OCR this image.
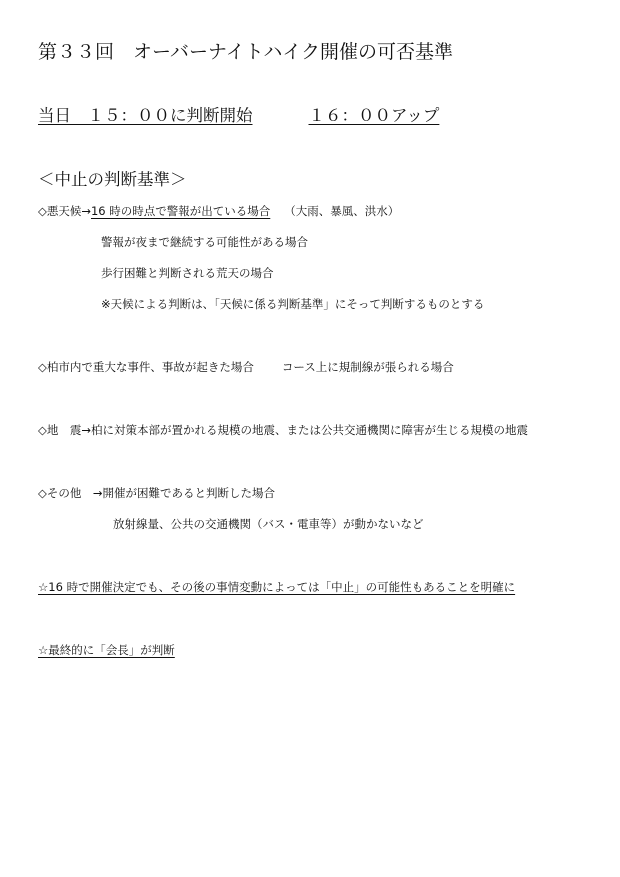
第３３回　オーバーナイトハイク開催の可否基準
当日　１５：００に判断開始	１６：００アップ
＜中止の判断基準＞
◇悪天候→16 時の時点で警報が出ている場合 （大雨、暴風、洪水）
警報が夜まで継続する可能性がある場合
歩行困難と判断される荒天の場合
※天候による判断は、「天候に係る判断基準」にそって判断するものとする
◇柏市内で重大な事件、事故が起きた場合 コース上に規制線が張られる場合
◇地　震→柏に対策本部が置かれる規模の地震、または公共交通機関に障害が生じる規模の地震
◇その他　→開催が困難であると判断した場合
放射線量、公共の交通機関（バス・電車等）が動かないなど
☆16 時で開催決定でも、その後の事情変動によっては「中止」の可能性もあることを明確に
☆最終的に「会長」が判断
